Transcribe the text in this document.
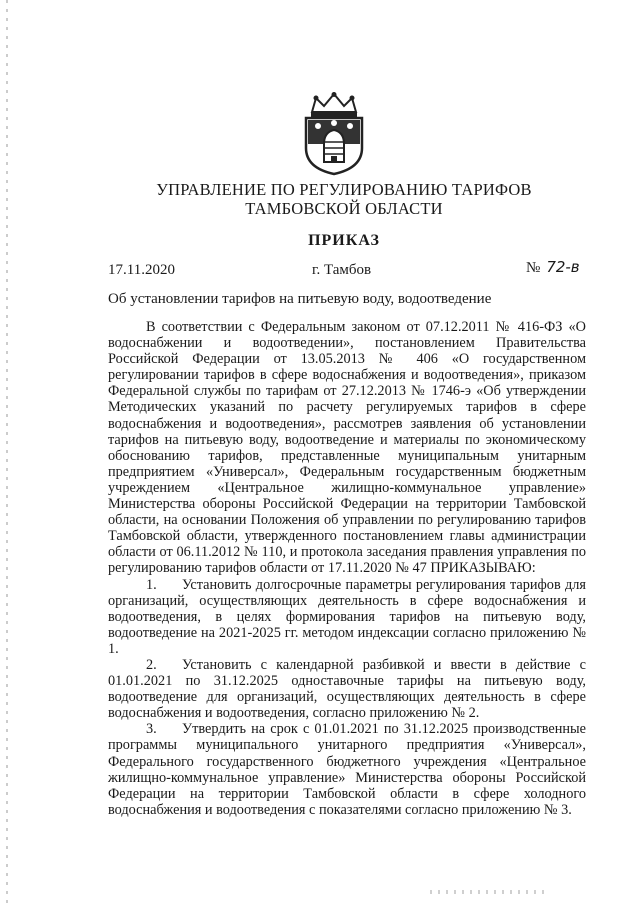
УПРАВЛЕНИЕ ПО РЕГУЛИРОВАНИЮ ТАРИФОВ
ТАМБОВСКОЙ ОБЛАСТИ
ПРИКАЗ
17.11.2020	г. Тамбов	№ 72-в
Об установлении тарифов на питьевую воду, водоотведение

В соответствии с Федеральным законом от 07.12.2011 № 416-ФЗ «О водоснабжении и водоотведении», постановлением Правительства Российской Федерации от 13.05.2013 № 406 «О государственном регулировании тарифов в сфере водоснабжения и водоотведения», приказом Федеральной службы по тарифам от 27.12.2013 № 1746-э «Об утверждении Методических указаний по расчету регулируемых тарифов в сфере водоснабжения и водоотведения», рассмотрев заявления об установлении тарифов на питьевую воду, водоотведение и материалы по экономическому обоснованию тарифов, представленные муниципальным унитарным предприятием «Универсал», Федеральным государственным бюджетным учреждением «Центральное жилищно-коммунальное управление» Министерства обороны Российской Федерации на территории Тамбовской области, на основании Положения об управлении по регулированию тарифов Тамбовской области, утвержденного постановлением главы администрации области от 06.11.2012 № 110, и протокола заседания правления управления по регулированию тарифов области от 17.11.2020 № 47 ПРИКАЗЫВАЮ:

1. Установить долгосрочные параметры регулирования тарифов для организаций, осуществляющих деятельность в сфере водоснабжения и водоотведения, в целях формирования тарифов на питьевую воду, водоотведение на 2021-2025 гг. методом индексации согласно приложению № 1.

2. Установить с календарной разбивкой и ввести в действие с 01.01.2021 по 31.12.2025 одноставочные тарифы на питьевую воду, водоотведение для организаций, осуществляющих деятельность в сфере водоснабжения и водоотведения, согласно приложению № 2.

3. Утвердить на срок с 01.01.2021 по 31.12.2025 производственные программы муниципального унитарного предприятия «Универсал», Федерального государственного бюджетного учреждения «Центральное жилищно-коммунальное управление» Министерства обороны Российской Федерации на территории Тамбовской области в сфере холодного водоснабжения и водоотведения с показателями согласно приложению № 3.
